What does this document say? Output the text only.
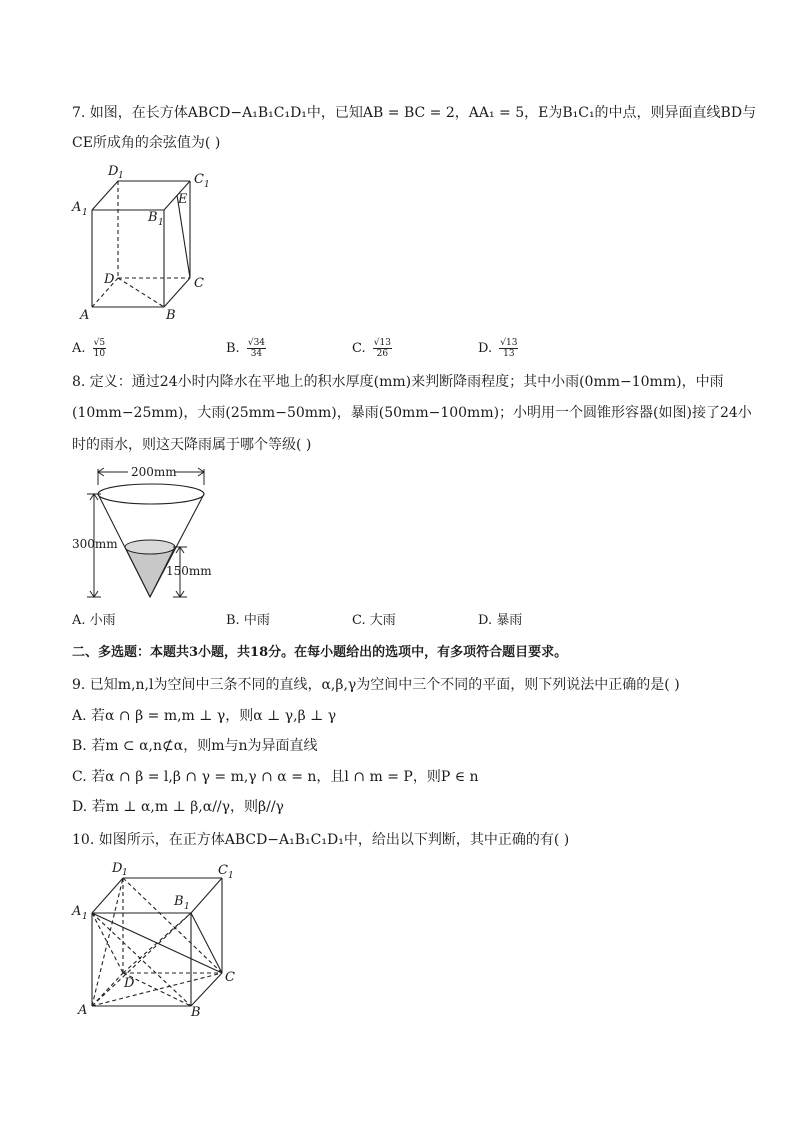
7. 如图，在长方体ABCD−A₁B₁C₁D₁中，已知AB = BC = 2，AA₁ = 5，E为B₁C₁的中点，则异面直线BD与
CE所成角的余弦值为( )
D 1	C 1
A 1	B 1
E
D	C
A	B
A. $\frac{√5}{10}$	B. $\frac{√34}{34}$	C. $\frac{√13}{26}$	D. $\frac{√13}{13}$
8. 定义：通过24小时内降水在平地上的积水厚度(mm)来判断降雨程度；其中小雨(0mm−10mm)，中雨
(10mm−25mm)，大雨(25mm−50mm)，暴雨(50mm−100mm)；小明用一个圆锥形容器(如图)接了24小
时的雨水，则这天降雨属于哪个等级( )
200mm
300mm
150mm
A. 小雨	B. 中雨	C. 大雨	D. 暴雨
二、多选题：本题共3小题，共18分。在每小题给出的选项中，有多项符合题目要求。
9. 已知m,n,l为空间中三条不同的直线，α,β,γ为空间中三个不同的平面，则下列说法中正确的是( )
A. 若α ∩ β = m,m ⊥ γ，则α ⊥ γ,β ⊥ γ
B. 若m ⊂ α,n⊄α，则m与n为异面直线
C. 若α ∩ β = l,β ∩ γ = m,γ ∩ α = n，且l ∩ m = P，则P ∈ n
D. 若m ⊥ α,m ⊥ β,α//γ，则β//γ
10. 如图所示，在正方体ABCD−A₁B₁C₁D₁中，给出以下判断，其中正确的有( )
D 1	C 1
A 1
B 1
D	C
A	B
